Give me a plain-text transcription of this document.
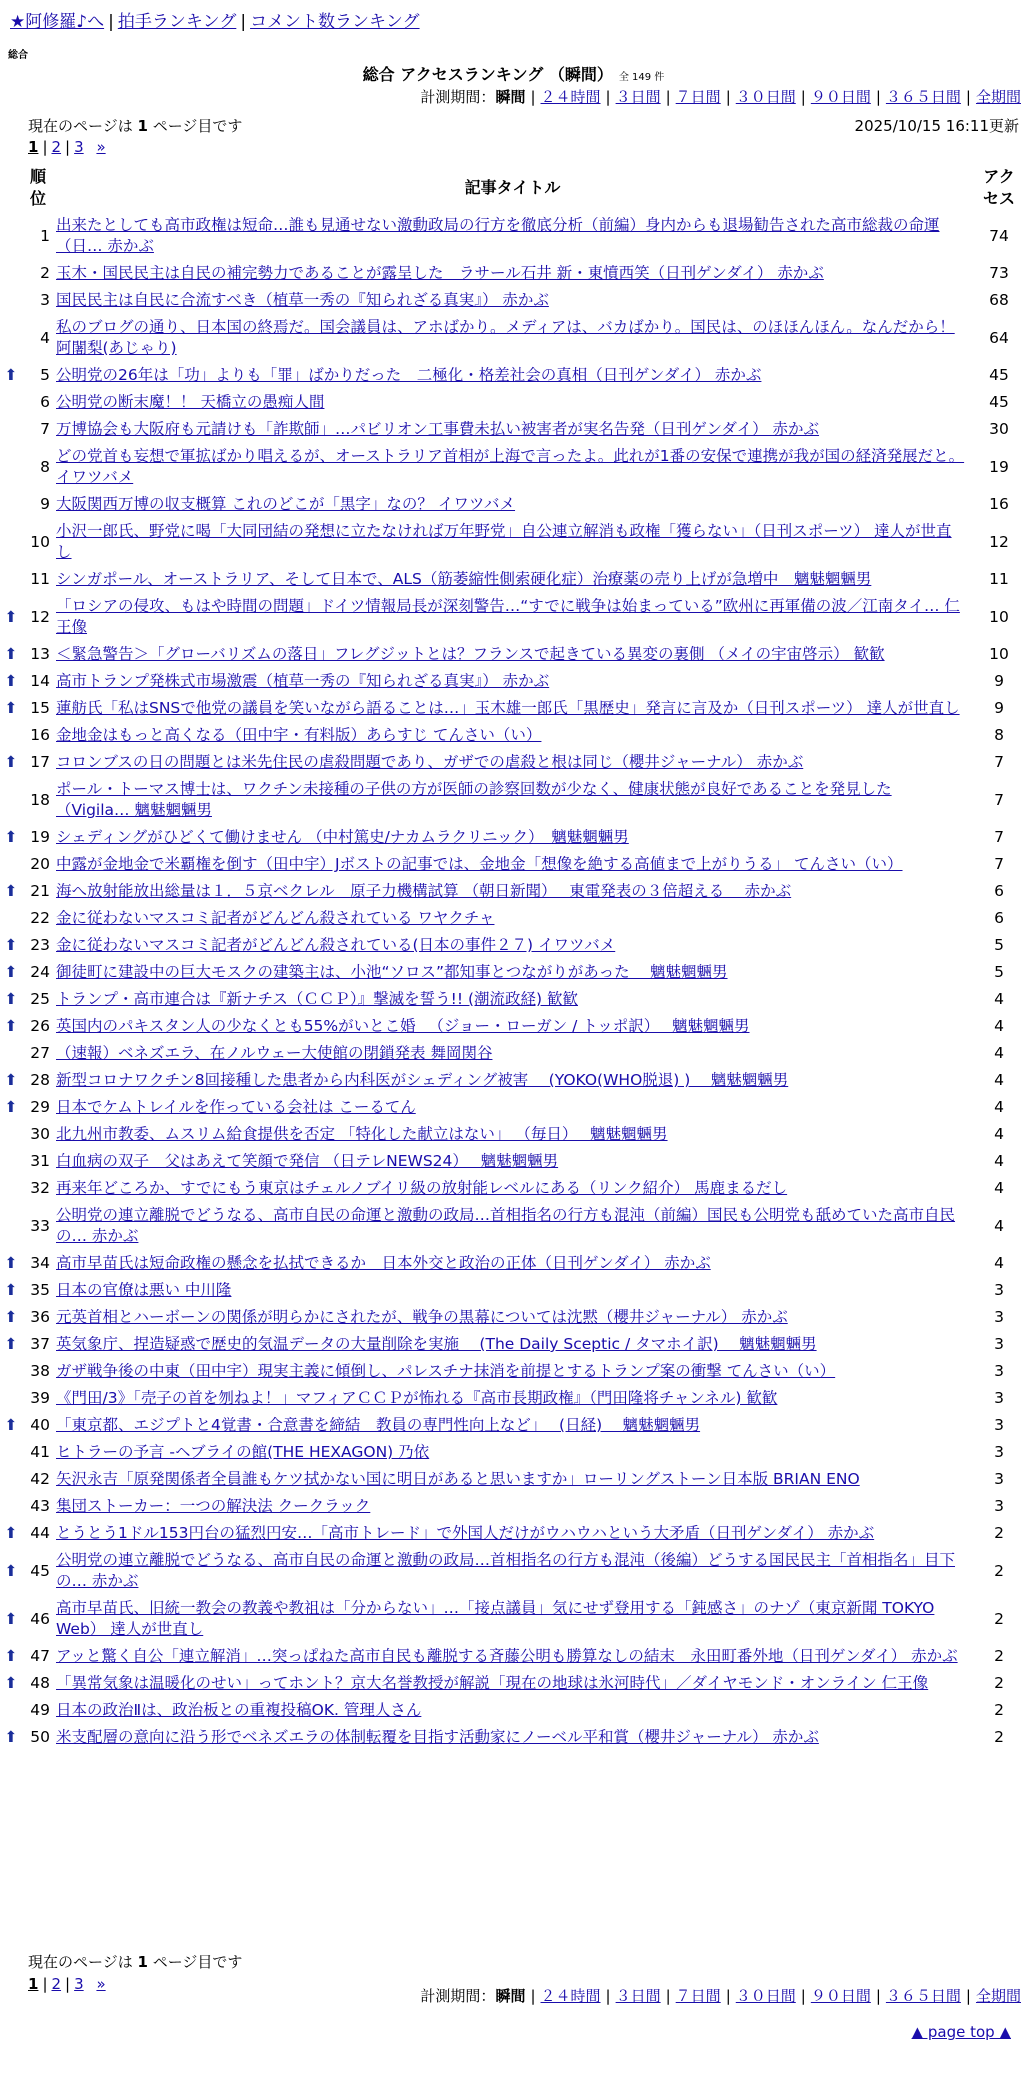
★阿修羅♪へ | 拍手ランキング | コメント数ランキング
総合
総合 アクセスランキング （瞬間） 全 149 件
計測期間：瞬間 | ２４時間 | ３日間 | ７日間 | ３０日間 | ９０日間 | ３６５日間 | 全期間
現在のページは 1 ページ目です	2025/10/15 16:11更新
1 | 2 | 3 »
順位		記事タイトル	アクセス
	1	出来たとしても高市政権は短命…誰も見通せない激動政局の行方を徹底分析（前編）身内からも退場勧告された高市総裁の命運（日… 赤かぶ	74
	2	玉木・国民民主は自民の補完勢力であることが露呈した　ラサール石井 新・東憤西笑（日刊ゲンダイ） 赤かぶ	73
	3	国民民主は自民に合流すべき（植草一秀の『知られざる真実』） 赤かぶ	68
	4	私のブログの通り、日本国の終焉だ。国会議員は、アホばかり。メディアは、バカばかり。国民は、のほほんほん。なんだから！ 阿闍梨(あじゃり)	64
⬆	5	公明党の26年は「功」よりも「罪」ばかりだった　二極化・格差社会の真相（日刊ゲンダイ） 赤かぶ	45
	6	公明党の断末魔！！ 天橋立の愚痴人間	45
	7	万博協会も大阪府も元請けも「詐欺師」…パビリオン工事費未払い被害者が実名告発（日刊ゲンダイ） 赤かぶ	30
	8	どの党首も妄想で軍拡ばかり唱えるが、オーストラリア首相が上海で言ったよ。此れが1番の安保で連携が我が国の経済発展だと。 イワツバメ	19
	9	大阪関西万博の収支概算 これのどこが「黒字」なの？ イワツバメ	16
	10	小沢一郎氏、野党に喝「大同団結の発想に立たなければ万年野党」自公連立解消も政権「獲らない」（日刊スポーツ） 達人が世直し	12
	11	シンガポール、オーストラリア、そして日本で、ALS（筋萎縮性側索硬化症）治療薬の売り上げが急増中　魑魅魍魎男	11
⬆	12	「ロシアの侵攻、もはや時間の問題」ドイツ情報局長が深刻警告…“すでに戦争は始まっている”欧州に再軍備の波／江南タイ… 仁王像	10
⬆	13	＜緊急警告＞「グローバリズムの落日」フレグジットとは？フランスで起きている異変の裏側 （メイの宇宙啓示） 歓歓	10
⬆	14	高市トランプ発株式市場激震（植草一秀の『知られざる真実』） 赤かぶ	9
⬆	15	蓮舫氏「私はSNSで他党の議員を笑いながら語ることは…」玉木雄一郎氏「黒歴史」発言に言及か（日刊スポーツ） 達人が世直し	9
	16	金地金はもっと高くなる（田中宇・有料版）あらすじ てんさい（い）	8
⬆	17	コロンブスの日の問題とは米先住民の虐殺問題であり、ガザでの虐殺と根は同じ（櫻井ジャーナル） 赤かぶ	7
	18	ポール・トーマス博士は、ワクチン未接種の子供の方が医師の診察回数が少なく、健康状態が良好であることを発見した（Vigila… 魑魅魍魎男	7
⬆	19	シェディングがひどくて働けません （中村篤史/ナカムラクリニック）　魑魅魍魎男	7
	20	中露が金地金で米覇権を倒す（田中宇）Jボストの記事では、金地金「想像を絶する高値まで上がりうる」 てんさい（い）	7
⬆	21	海へ放射能放出総量は１．５京ベクレル　原子力機構試算 （朝日新聞）　 東電発表の３倍超える　 赤かぶ	6
	22	金に従わないマスコミ記者がどんどん殺されている ワヤクチャ	6
⬆	23	金に従わないマスコミ記者がどんどん殺されている(日本の事件２７) イワツバメ	5
⬆	24	御徒町に建設中の巨大モスクの建築主は、小池“ソロス”都知事とつながりがあった　 魑魅魍魎男	5
⬆	25	トランプ・高市連合は『新ナチス（ＣＣＰ）』撃滅を誓う!! (潮流政経) 歓歓	4
⬆	26	英国内のパキスタン人の少なくとも55%がいとこ婚 　（ジョー・ローガン / トッポ訳）　 魑魅魍魎男	4
	27	（速報）ベネズエラ、在ノルウェー大使館の閉鎖発表 舞岡関谷	4
⬆	28	新型コロナワクチン8回接種した患者から内科医がシェディング被害　 (YOKO(WHO脱退) )　 魑魅魍魎男	4
⬆	29	日本でケムトレイルを作っている会社は こーるてん	4
	30	北九州市教委、ムスリム給食提供を否定 「特化した献立はない」 （毎日）　 魑魅魍魎男	4
	31	白血病の双子　父はあえて笑顔で発信 （日テレNEWS24）　 魑魅魍魎男	4
	32	再来年どころか、すでにもう東京はチェルノブイリ級の放射能レベルにある（リンク紹介） 馬鹿まるだし	4
	33	公明党の連立離脱でどうなる、高市自民の命運と激動の政局…首相指名の行方も混沌（前編）国民も公明党も舐めていた高市自民の… 赤かぶ	4
⬆	34	高市早苗氏は短命政権の懸念を払拭できるか　日本外交と政治の正体（日刊ゲンダイ） 赤かぶ	4
⬆	35	日本の官僚は悪い 中川隆	3
⬆	36	元英首相とハーボーンの関係が明らかにされたが、戦争の黒幕については沈黙（櫻井ジャーナル） 赤かぶ	3
⬆	37	英気象庁、捏造疑惑で歴史的気温データの大量削除を実施　 (The Daily Sceptic / タマホイ訳)　 魑魅魍魎男	3
	38	ガザ戦争後の中東（田中宇）現実主義に傾倒し、パレスチナ抹消を前提とするトランプ案の衝撃 てんさい（い）	3
	39	《門田/3》「売子の首を刎ねよ！」マフィアＣＣＰが怖れる『高市長期政権』（門田隆将チャンネル) 歓歓	3
⬆	40	「東京都、エジプトと4覚書・合意書を締結　教員の専門性向上など」　 (日経)　 魑魅魍魎男	3
	41	ヒトラーの予言 -ヘブライの館(THE HEXAGON) 乃依	3
	42	矢沢永吉「原発関係者全員誰もケツ拭かない国に明日があると思いますか」ローリングストーン日本版 BRIAN ENO	3
	43	集団ストーカー：一つの解決法 クークラック	3
⬆	44	とうとう1ドル153円台の猛烈円安…「高市トレード」で外国人だけがウハウハという大矛盾（日刊ゲンダイ） 赤かぶ	2
⬆	45	公明党の連立離脱でどうなる、高市自民の命運と激動の政局…首相指名の行方も混沌（後編）どうする国民民主「首相指名」目下の… 赤かぶ	2
⬆	46	高市早苗氏、旧統一教会の教義や教祖は「分からない」…「接点議員」気にせず登用する「鈍感さ」のナゾ（東京新聞 TOKYO Web） 達人が世直し	2
⬆	47	アッと驚く自公「連立解消」…突っぱねた高市自民も離脱する斉藤公明も勝算なしの結末　永田町番外地（日刊ゲンダイ） 赤かぶ	2
⬆	48	「異常気象は温暖化のせい」ってホント？京大名誉教授が解説「現在の地球は氷河時代」／ダイヤモンド・オンライン 仁王像	2
	49	日本の政治Ⅱは、政治板との重複投稿OK. 管理人さん	2
⬆	50	米支配層の意向に沿う形でベネズエラの体制転覆を目指す活動家にノーベル平和賞（櫻井ジャーナル） 赤かぶ	2
現在のページは 1 ページ目です
1 | 2 | 3 »
計測期間：瞬間 | ２４時間 | ３日間 | ７日間 | ３０日間 | ９０日間 | ３６５日間 | 全期間
▲ page top ▲
